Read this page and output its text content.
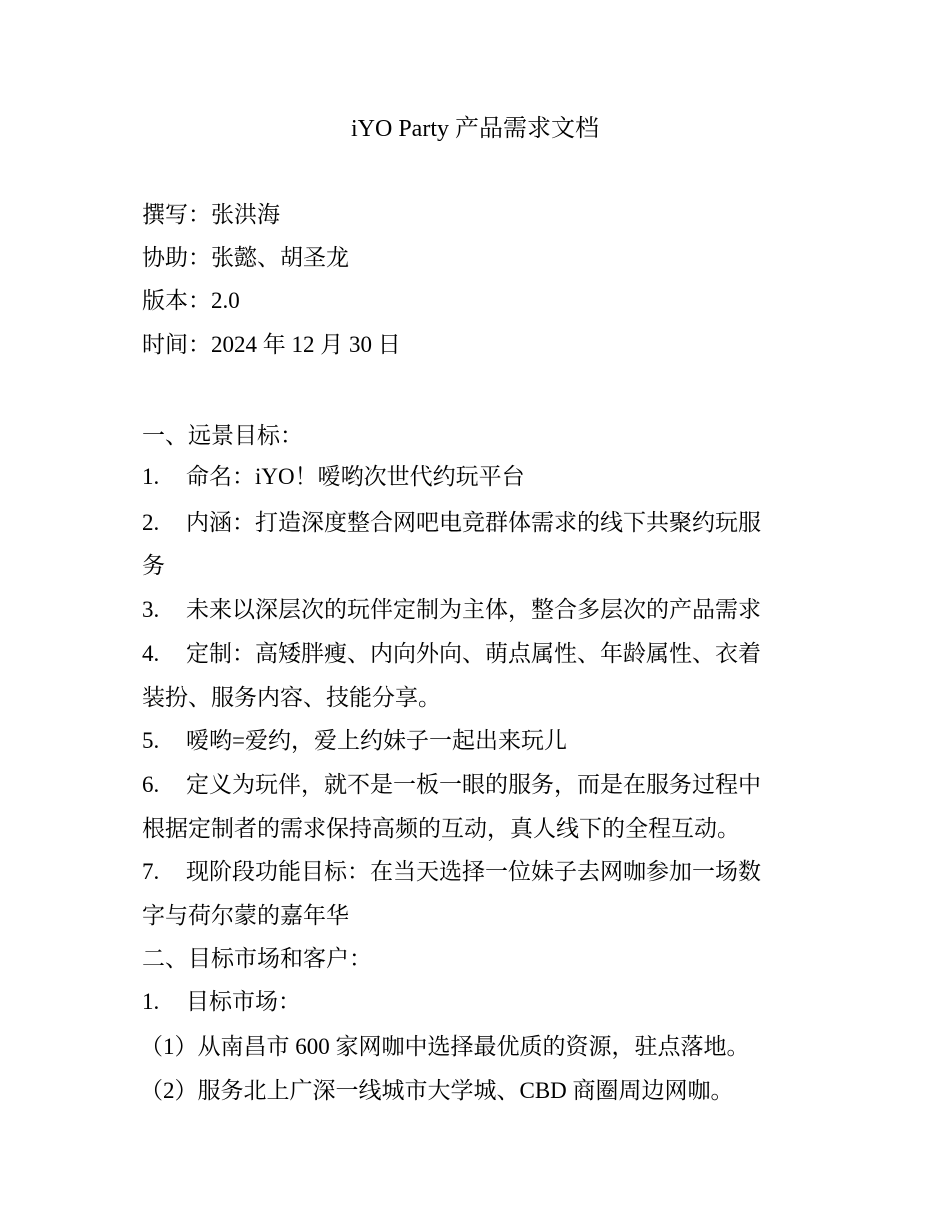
iYO Party 产品需求文档
撰写：张洪海
协助：张懿、胡圣龙
版本：2.0
时间：2024 年 12 月 30 日
一、远景目标：
1. 命名：iYO！嗳哟次世代约玩平台
2. 内涵：打造深度整合网吧电竞群体需求的线下共聚约玩服
务
3. 未来以深层次的玩伴定制为主体，整合多层次的产品需求
4. 定制：高矮胖瘦、内向外向、萌点属性、年龄属性、衣着
装扮、服务内容、技能分享。
5. 嗳哟=爱约，爱上约妹子一起出来玩儿
6. 定义为玩伴，就不是一板一眼的服务，而是在服务过程中
根据定制者的需求保持高频的互动，真人线下的全程互动。
7. 现阶段功能目标：在当天选择一位妹子去网咖参加一场数
字与荷尔蒙的嘉年华
二、目标市场和客户：
1. 目标市场：
（1）从南昌市 600 家网咖中选择最优质的资源，驻点落地。
（2）服务北上广深一线城市大学城、CBD 商圈周边网咖。
